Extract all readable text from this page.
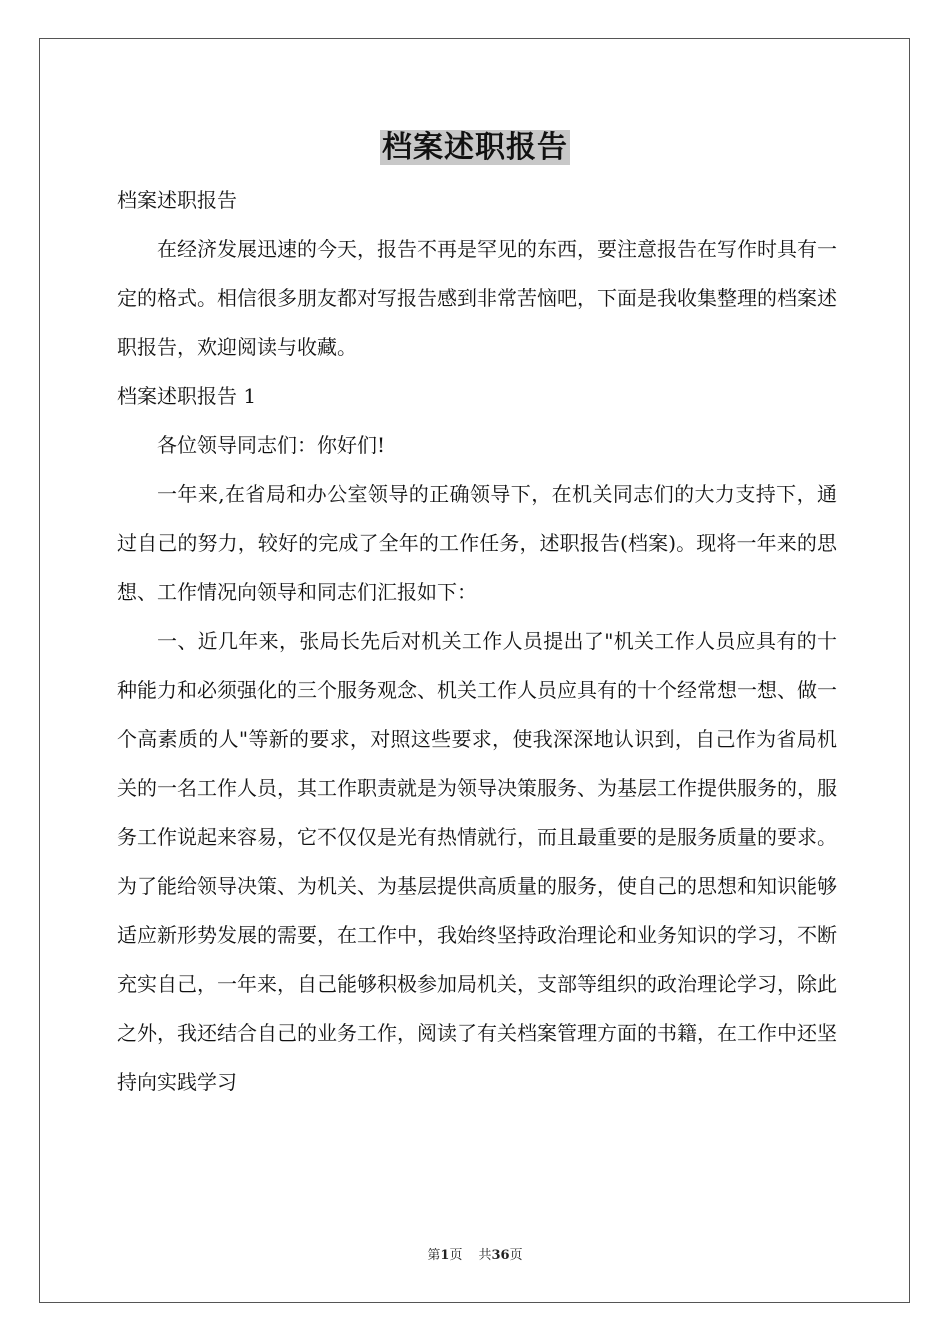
档案述职报告

档案述职报告

在经济发展迅速的今天，报告不再是罕见的东西，要注意报告在写作时具有一定的格式。相信很多朋友都对写报告感到非常苦恼吧，下面是我收集整理的档案述职报告，欢迎阅读与收藏。

档案述职报告 1

各位领导同志们：你好们!

一年来,在省局和办公室领导的正确领导下，在机关同志们的大力支持下，通过自己的努力，较好的完成了全年的工作任务，述职报告(档案)。现将一年来的思想、工作情况向领导和同志们汇报如下：

一、近几年来，张局长先后对机关工作人员提出了"机关工作人员应具有的十种能力和必须强化的三个服务观念、机关工作人员应具有的十个经常想一想、做一个高素质的人"等新的要求，对照这些要求，使我深深地认识到，自己作为省局机关的一名工作人员，其工作职责就是为领导决策服务、为基层工作提供服务的，服务工作说起来容易，它不仅仅是光有热情就行，而且最重要的是服务质量的要求。为了能给领导决策、为机关、为基层提供高质量的服务，使自己的思想和知识能够适应新形势发展的需要，在工作中，我始终坚持政治理论和业务知识的学习，不断充实自己，一年来，自己能够积极参加局机关，支部等组织的政治理论学习，除此之外，我还结合自己的业务工作，阅读了有关档案管理方面的书籍，在工作中还坚持向实践学习

第1页 共36页
